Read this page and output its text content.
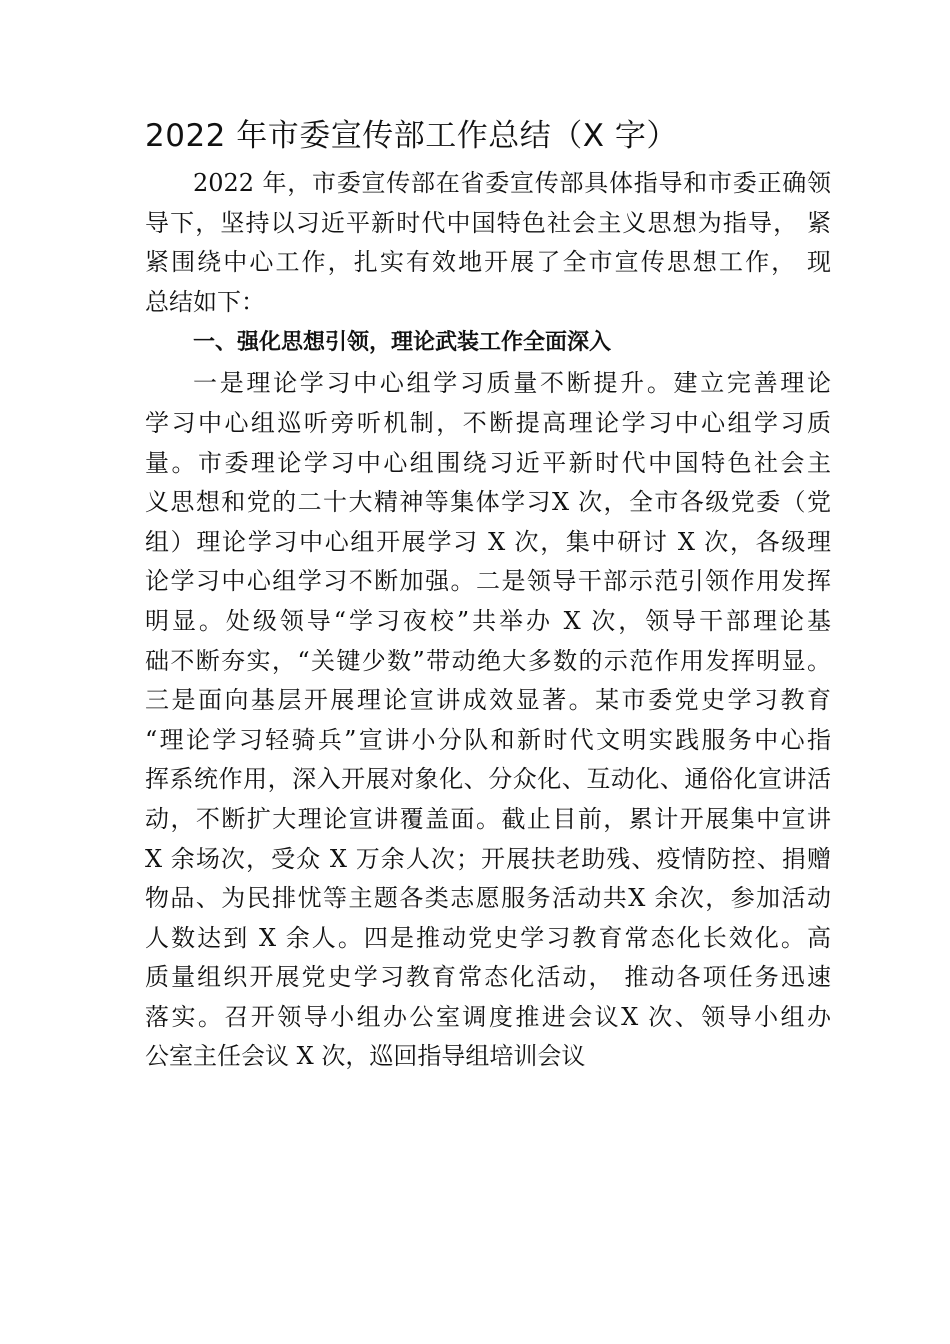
2022 年市委宣传部工作总结（X 字）
2022 年，市委宣传部在省委宣传部具体指导和市委正确领
导下，坚持以习近平新时代中国特色社会主义思想为指导， 紧
紧围绕中心工作，扎实有效地开展了全市宣传思想工作， 现
总结如下：
一、强化思想引领，理论武装工作全面深入
一是理论学习中心组学习质量不断提升。建立完善理论
学习中心组巡听旁听机制，不断提高理论学习中心组学习质
量。市委理论学习中心组围绕习近平新时代中国特色社会主
义思想和党的二十大精神等集体学习X 次，全市各级党委（党
组）理论学习中心组开展学习 X 次，集中研讨 X 次，各级理
论学习中心组学习不断加强。二是领导干部示范引领作用发挥
明显。处级领导“学习夜校”共举办 X 次，领导干部理论基
础不断夯实，“关键少数”带动绝大多数的示范作用发挥明显。
三是面向基层开展理论宣讲成效显著。某市委党史学习教育
“理论学习轻骑兵”宣讲小分队和新时代文明实践服务中心指
挥系统作用，深入开展对象化、分众化、互动化、通俗化宣讲活
动，不断扩大理论宣讲覆盖面。截止目前，累计开展集中宣讲
X 余场次，受众 X 万余人次；开展扶老助残、疫情防控、捐赠
物品、为民排忧等主题各类志愿服务活动共X 余次，参加活动
人数达到 X 余人。四是推动党史学习教育常态化长效化。高
质量组织开展党史学习教育常态化活动， 推动各项任务迅速
落实。召开领导小组办公室调度推进会议X 次、领导小组办
公室主任会议 X 次，巡回指导组培训会议
